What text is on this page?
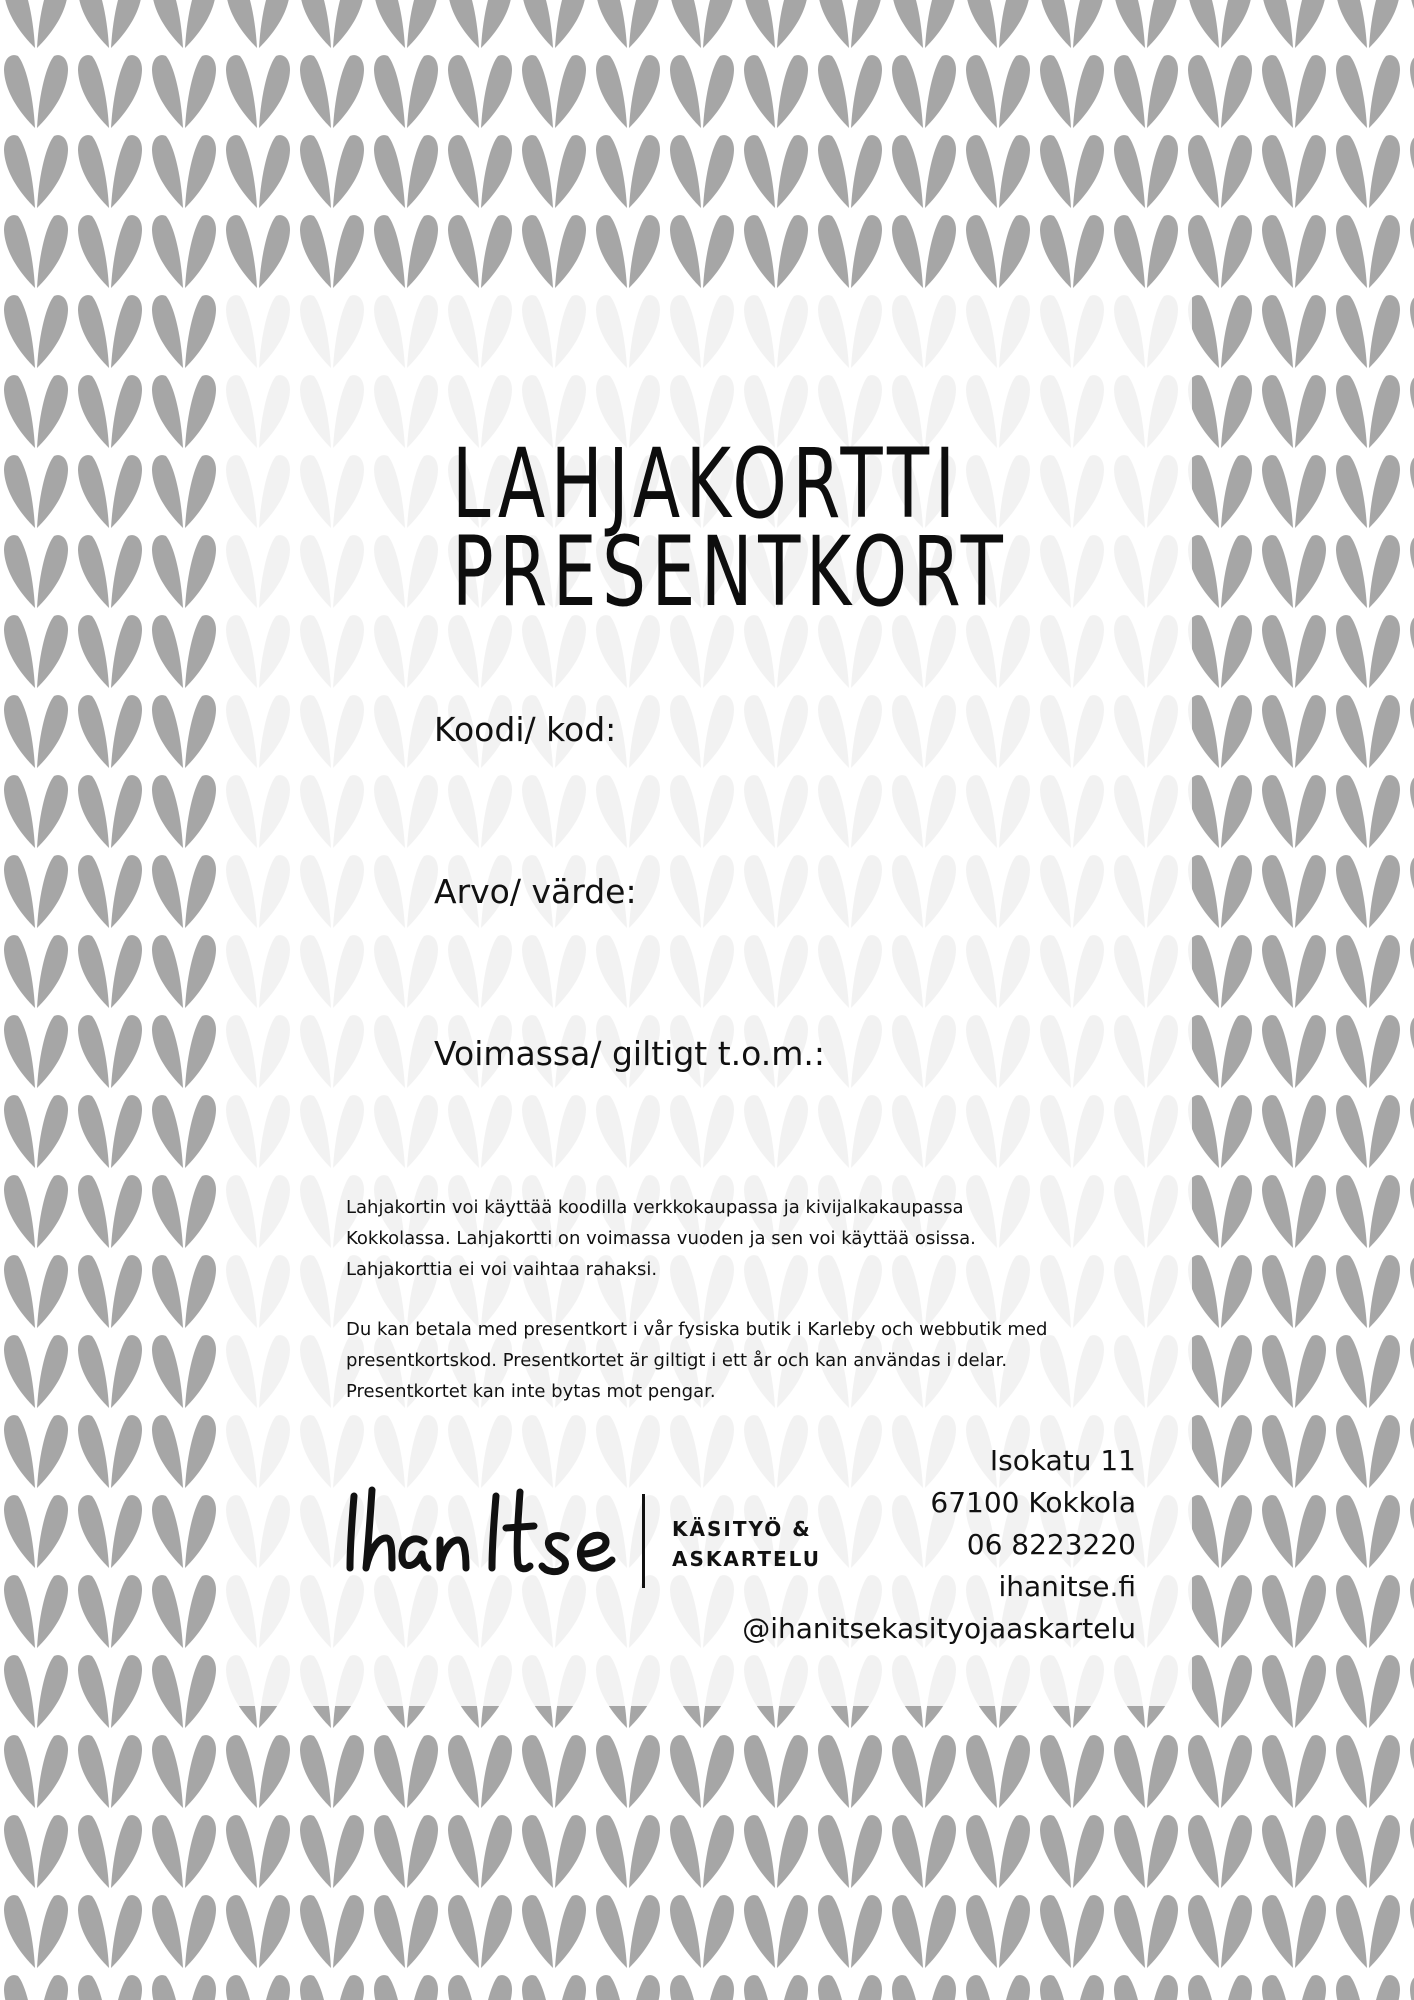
LAHJAKORTTI
PRESENTKORT
Koodi/ kod:
Arvo/ värde:
Voimassa/ giltigt t.o.m.:

Lahjakortin voi käyttää koodilla verkkokaupassa ja kivijalkakaupassa
Kokkolassa. Lahjakortti on voimassa vuoden ja sen voi käyttää osissa.
Lahjakorttia ei voi vaihtaa rahaksi.

Du kan betala med presentkort i vår fysiska butik i Karleby och webbutik med
presentkortskod. Presentkortet är giltigt i ett år och kan användas i delar.
Presentkortet kan inte bytas mot pengar.

KÄSITYÖ &
ASKARTELU
Isokatu 11
67100 Kokkola
06 8223220
ihanitse.fi
@ihanitsekasityojaaskartelu
